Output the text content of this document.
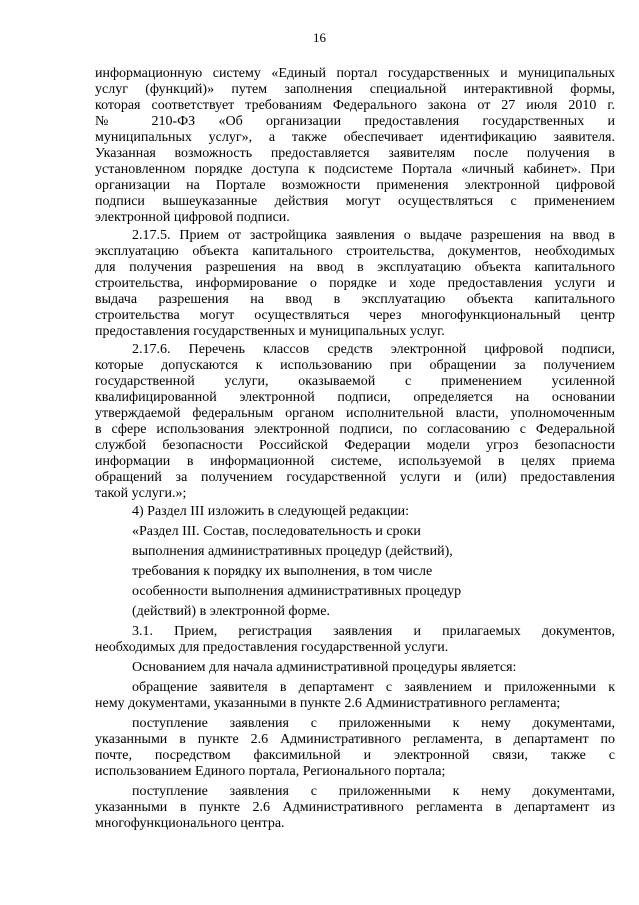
16
информационную систему «Единый портал государственных и муниципальных
услуг (функций)» путем заполнения специальной интерактивной формы,
которая соответствует требованиям Федерального закона от 27 июля 2010 г.
№ 210-ФЗ «Об организации предоставления государственных и
муниципальных услуг», а также обеспечивает идентификацию заявителя.
Указанная возможность предоставляется заявителям после получения в
установленном порядке доступа к подсистеме Портала «личный кабинет». При
организации на Портале возможности применения электронной цифровой
подписи вышеуказанные действия могут осуществляться с применением
электронной цифровой подписи.
2.17.5. Прием от застройщика заявления о выдаче разрешения на ввод в
эксплуатацию объекта капитального строительства, документов, необходимых
для получения разрешения на ввод в эксплуатацию объекта капитального
строительства, информирование о порядке и ходе предоставления услуги и
выдача разрешения на ввод в эксплуатацию объекта капитального
строительства могут осуществляться через многофункциональный центр
предоставления государственных и муниципальных услуг.
2.17.6. Перечень классов средств электронной цифровой подписи,
которые допускаются к использованию при обращении за получением
государственной услуги, оказываемой с применением усиленной
квалифицированной электронной подписи, определяется на основании
утверждаемой федеральным органом исполнительной власти, уполномоченным
в сфере использования электронной подписи, по согласованию с Федеральной
службой безопасности Российской Федерации модели угроз безопасности
информации в информационной системе, используемой в целях приема
обращений за получением государственной услуги и (или) предоставления
такой услуги.»;
4) Раздел III изложить в следующей редакции:
«Раздел III. Состав, последовательность и сроки
выполнения административных процедур (действий),
требования к порядку их выполнения, в том числе
особенности выполнения административных процедур
(действий) в электронной форме.
3.1. Прием, регистрация заявления и прилагаемых документов,
необходимых для предоставления государственной услуги.
Основанием для начала административной процедуры является:
обращение заявителя в департамент с заявлением и приложенными к
нему документами, указанными в пункте 2.6 Административного регламента;
поступление заявления с приложенными к нему документами,
указанными в пункте 2.6 Административного регламента, в департамент по
почте, посредством факсимильной и электронной связи, также с
использованием Единого портала, Регионального портала;
поступление заявления с приложенными к нему документами,
указанными в пункте 2.6 Административного регламента в департамент из
многофункционального центра.
